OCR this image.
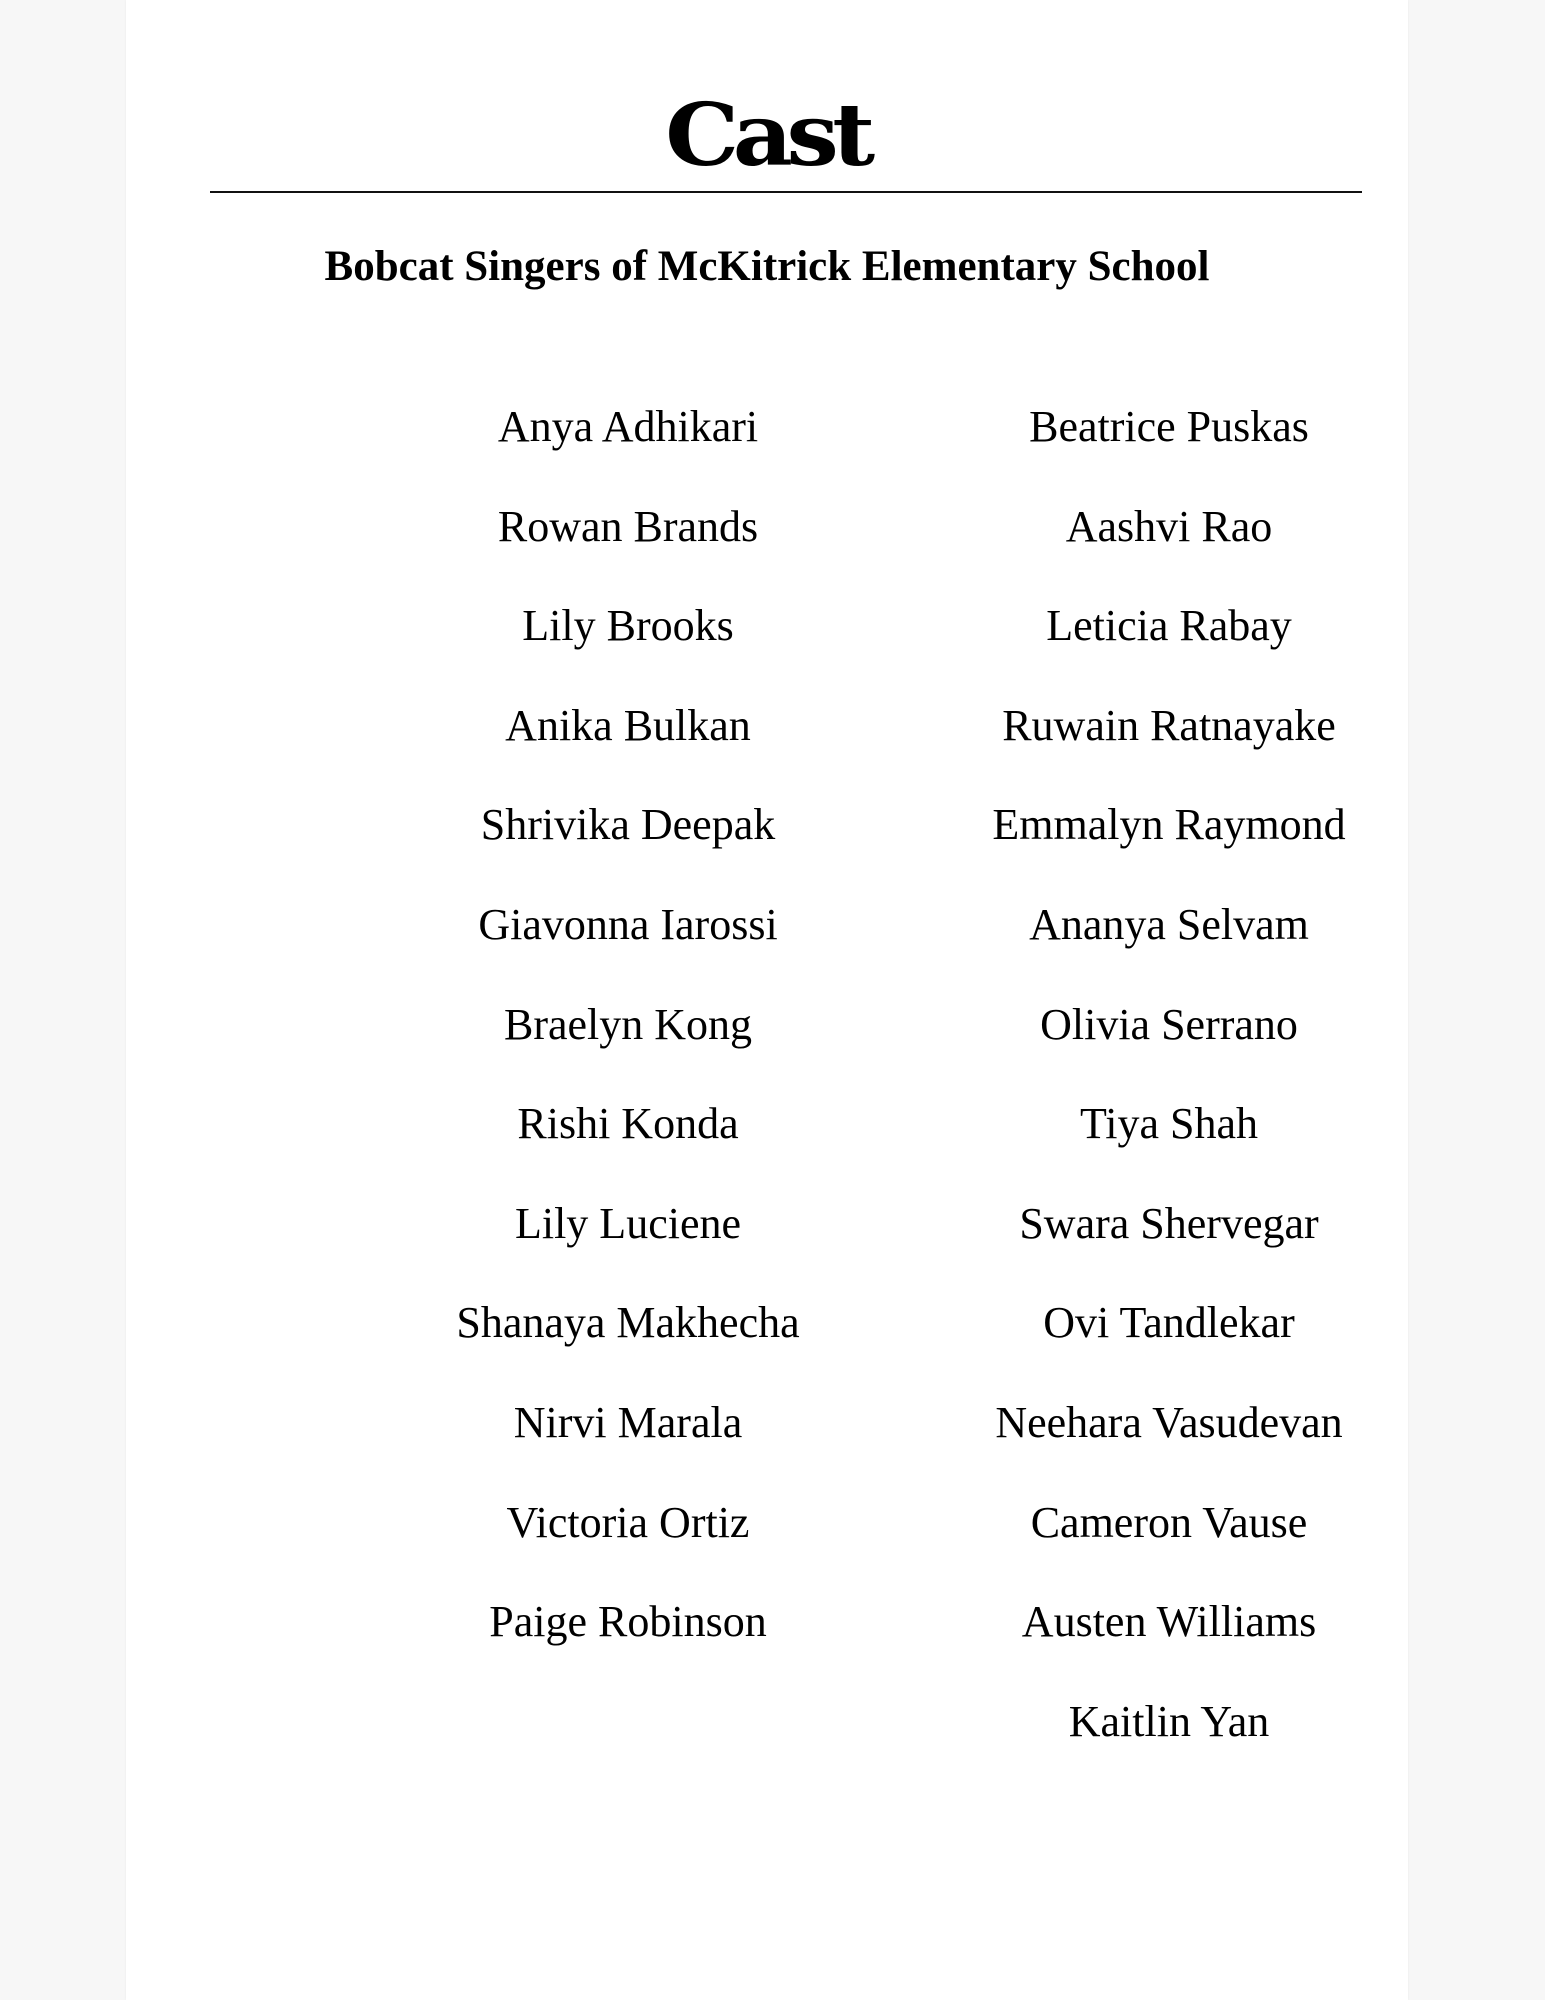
Cast
Bobcat Singers of McKitrick Elementary School
Anya Adhikari
Rowan Brands
Lily Brooks
Anika Bulkan
Shrivika Deepak
Giavonna Iarossi
Braelyn Kong
Rishi Konda
Lily Luciene
Shanaya Makhecha
Nirvi Marala
Victoria Ortiz
Paige Robinson
Beatrice Puskas
Aashvi Rao
Leticia Rabay
Ruwain Ratnayake
Emmalyn Raymond
Ananya Selvam
Olivia Serrano
Tiya Shah
Swara Shervegar
Ovi Tandlekar
Neehara Vasudevan
Cameron Vause
Austen Williams
Kaitlin Yan
